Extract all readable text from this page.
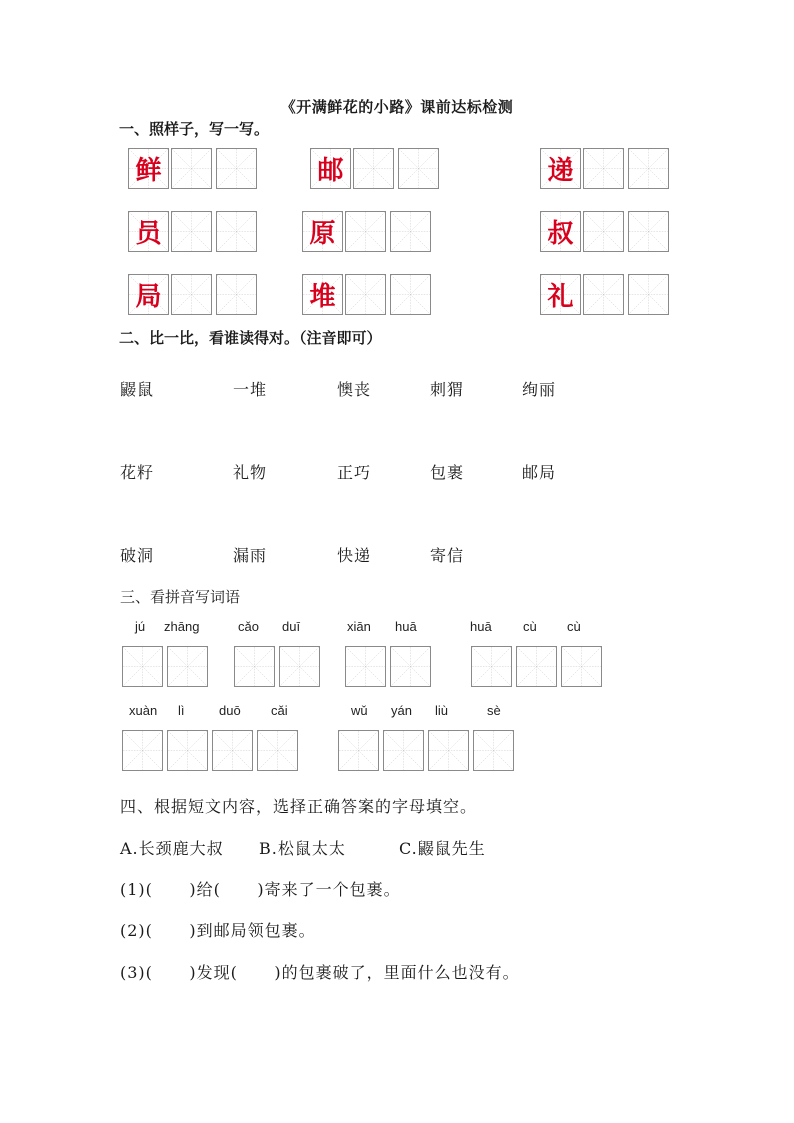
《开满鲜花的小路》课前达标检测
一、照样子，写一写。
鲜	邮	递
员	原	叔
局	堆	礼
二、比一比，看谁读得对。（注音即可）
鼹鼠	一堆	懊丧	刺猬	绚丽
花籽	礼物	正巧	包裹	邮局
破洞	漏雨	快递	寄信
三、看拼音写词语
jú zhāng	cǎo duī	xiān huā	huā cù cù
xuàn lì	duō cǎi	wǔ yán liù	sè
四、根据短文内容，选择正确答案的字母填空。
A.长颈鹿大叔 B.松鼠太太	C.鼹鼠先生
(1)(      )给(      )寄来了一个包裹。
(2)(      )到邮局领包裹。
(3)(      )发现(      )的包裹破了，里面什么也没有。
